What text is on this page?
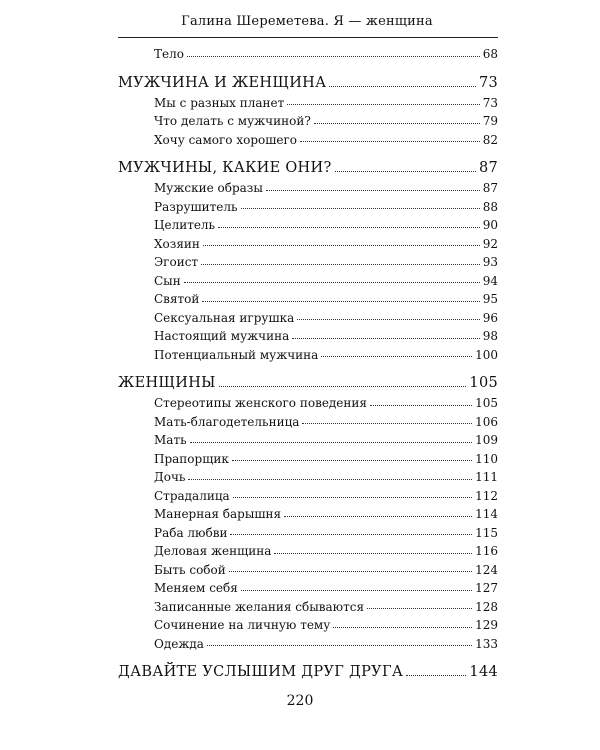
Галина Шереметева. Я — женщина
Тело	68
МУЖЧИНА И ЖЕНЩИНА	73
Мы с разных планет	73
Что делать с мужчиной?	79
Хочу самого хорошего	82
МУЖЧИНЫ, КАКИЕ ОНИ?	87
Мужские образы	87
Разрушитель	88
Целитель	90
Хозяин	92
Эгоист	93
Сын	94
Святой	95
Сексуальная игрушка	96
Настоящий мужчина	98
Потенциальный мужчина	100
ЖЕНЩИНЫ	105
Стереотипы женского поведения	105
Мать-благодетельница	106
Мать	109
Прапорщик	110
Дочь	111
Страдалица	112
Манерная барышня	114
Раба любви	115
Деловая женщина	116
Быть собой	124
Меняем себя	127
Записанные желания сбываются	128
Сочинение на личную тему	129
Одежда	133
ДАВАЙТЕ УСЛЫШИМ ДРУГ ДРУГА	144
220
